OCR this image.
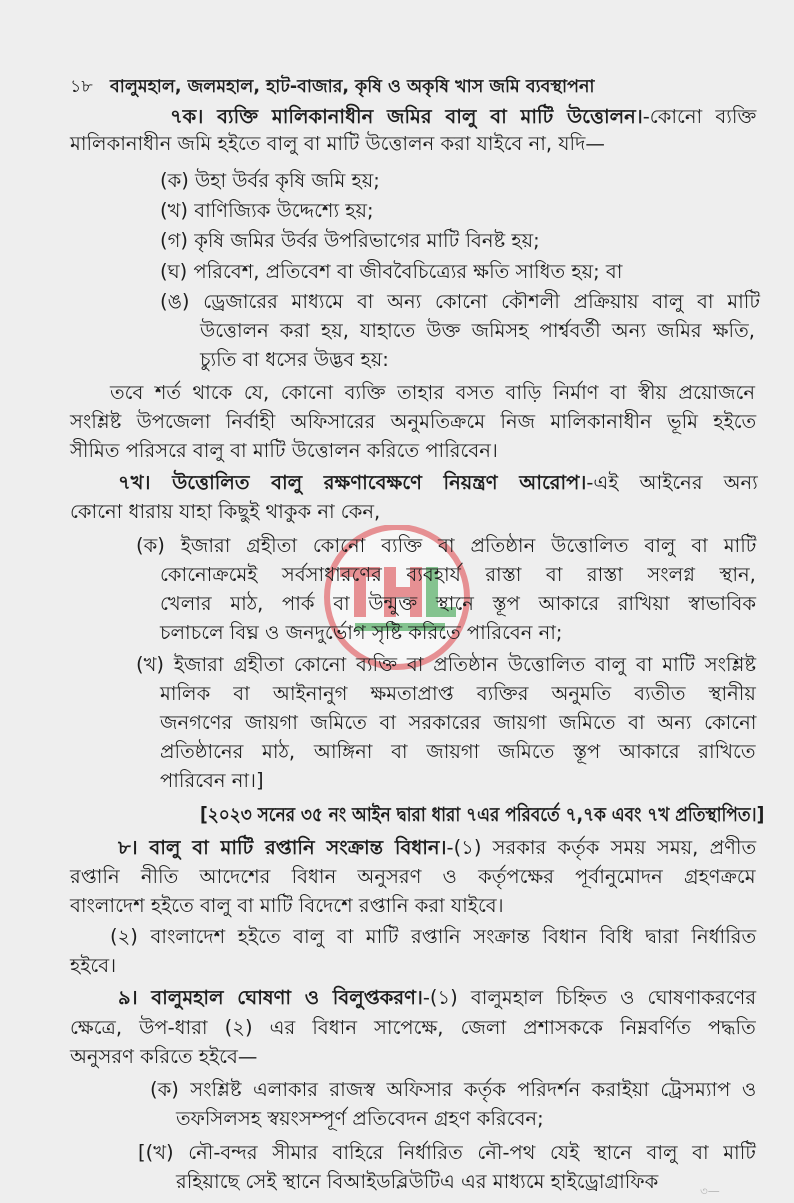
১৮ বালুমহাল, জলমহাল, হাট-বাজার, কৃষি ও অকৃষি খাস জমি ব্যবস্থাপনা
৭ক। ব্যক্তি মালিকানাধীন জমির বালু বা মাটি উত্তোলন।-কোনো ব্যক্তি
মালিকানাধীন জমি হইতে বালু বা মাটি উত্তোলন করা যাইবে না, যদি—
(ক) উহা উর্বর কৃষি জমি হয়;
(খ) বাণিজ্যিক উদ্দেশ্যে হয়;
(গ) কৃষি জমির উর্বর উপরিভাগের মাটি বিনষ্ট হয়;
(ঘ) পরিবেশ, প্রতিবেশ বা জীববৈচিত্র্যের ক্ষতি সাধিত হয়; বা
(ঙ) ড্রেজারের মাধ্যমে বা অন্য কোনো কৌশলী প্রক্রিয়ায় বালু বা মাটি
উত্তোলন করা হয়, যাহাতে উক্ত জমিসহ পার্শ্ববর্তী অন্য জমির ক্ষতি,
চ্যুতি বা ধসের উদ্ভব হয়:
তবে শর্ত থাকে যে, কোনো ব্যক্তি তাহার বসত বাড়ি নির্মাণ বা স্বীয় প্রয়োজনে
সংশ্লিষ্ট উপজেলা নির্বাহী অফিসারের অনুমতিক্রমে নিজ মালিকানাধীন ভূমি হইতে
সীমিত পরিসরে বালু বা মাটি উত্তোলন করিতে পারিবেন।
৭খ। উত্তোলিত বালু রক্ষণাবেক্ষণে নিয়ন্ত্রণ আরোপ।-এই আইনের অন্য
কোনো ধারায় যাহা কিছুই থাকুক না কেন,
(ক) ইজারা গ্রহীতা কোনো ব্যক্তি বা প্রতিষ্ঠান উত্তোলিত বালু বা মাটি
কোনোক্রমেই সর্বসাধারণের ব্যবহার্য রাস্তা বা রাস্তা সংলগ্ন স্থান,
খেলার মাঠ, পার্ক বা উন্মুক্ত স্থানে স্তূপ আকারে রাখিয়া স্বাভাবিক
চলাচলে বিঘ্ন ও জনদুর্ভোগ সৃষ্টি করিতে পারিবেন না;
(খ) ইজারা গ্রহীতা কোনো ব্যক্তি বা প্রতিষ্ঠান উত্তোলিত বালু বা মাটি সংশ্লিষ্ট
মালিক বা আইনানুগ ক্ষমতাপ্রাপ্ত ব্যক্তির অনুমতি ব্যতীত স্থানীয়
জনগণের জায়গা জমিতে বা সরকারের জায়গা জমিতে বা অন্য কোনো
প্রতিষ্ঠানের মাঠ, আঙ্গিনা বা জায়গা জমিতে স্তূপ আকারে রাখিতে
পারিবেন না।]
[২০২৩ সনের ৩৫ নং আইন দ্বারা ধারা ৭এর পরিবর্তে ৭,৭ক এবং ৭খ প্রতিস্থাপিত।]
৮। বালু বা মাটি রপ্তানি সংক্রান্ত বিধান।-(১) সরকার কর্তৃক সময় সময়, প্রণীত
রপ্তানি নীতি আদেশের বিধান অনুসরণ ও কর্তৃপক্ষের পূর্বানুমোদন গ্রহণক্রমে
বাংলাদেশ হইতে বালু বা মাটি বিদেশে রপ্তানি করা যাইবে।
(২) বাংলাদেশ হইতে বালু বা মাটি রপ্তানি সংক্রান্ত বিধান বিধি দ্বারা নির্ধারিত
হইবে।
৯। বালুমহাল ঘোষণা ও বিলুপ্তকরণ।-(১) বালুমহাল চিহ্নিত ও ঘোষণাকরণের
ক্ষেত্রে, উপ-ধারা (২) এর বিধান সাপেক্ষে, জেলা প্রশাসককে নিম্নবর্ণিত পদ্ধতি
অনুসরণ করিতে হইবে—
(ক) সংশ্লিষ্ট এলাকার রাজস্ব অফিসার কর্তৃক পরিদর্শন করাইয়া ট্রেসম্যাপ ও
তফসিলসহ স্বয়ংসম্পূর্ণ প্রতিবেদন গ্রহণ করিবেন;
[(খ) নৌ-বন্দর সীমার বাহিরে নির্ধারিত নৌ-পথ যেই স্থানে বালু বা মাটি
রহিয়াছে সেই স্থানে বিআইডব্লিউটিএ এর মাধ্যমে হাইড্রোগ্রাফিক	৩—
